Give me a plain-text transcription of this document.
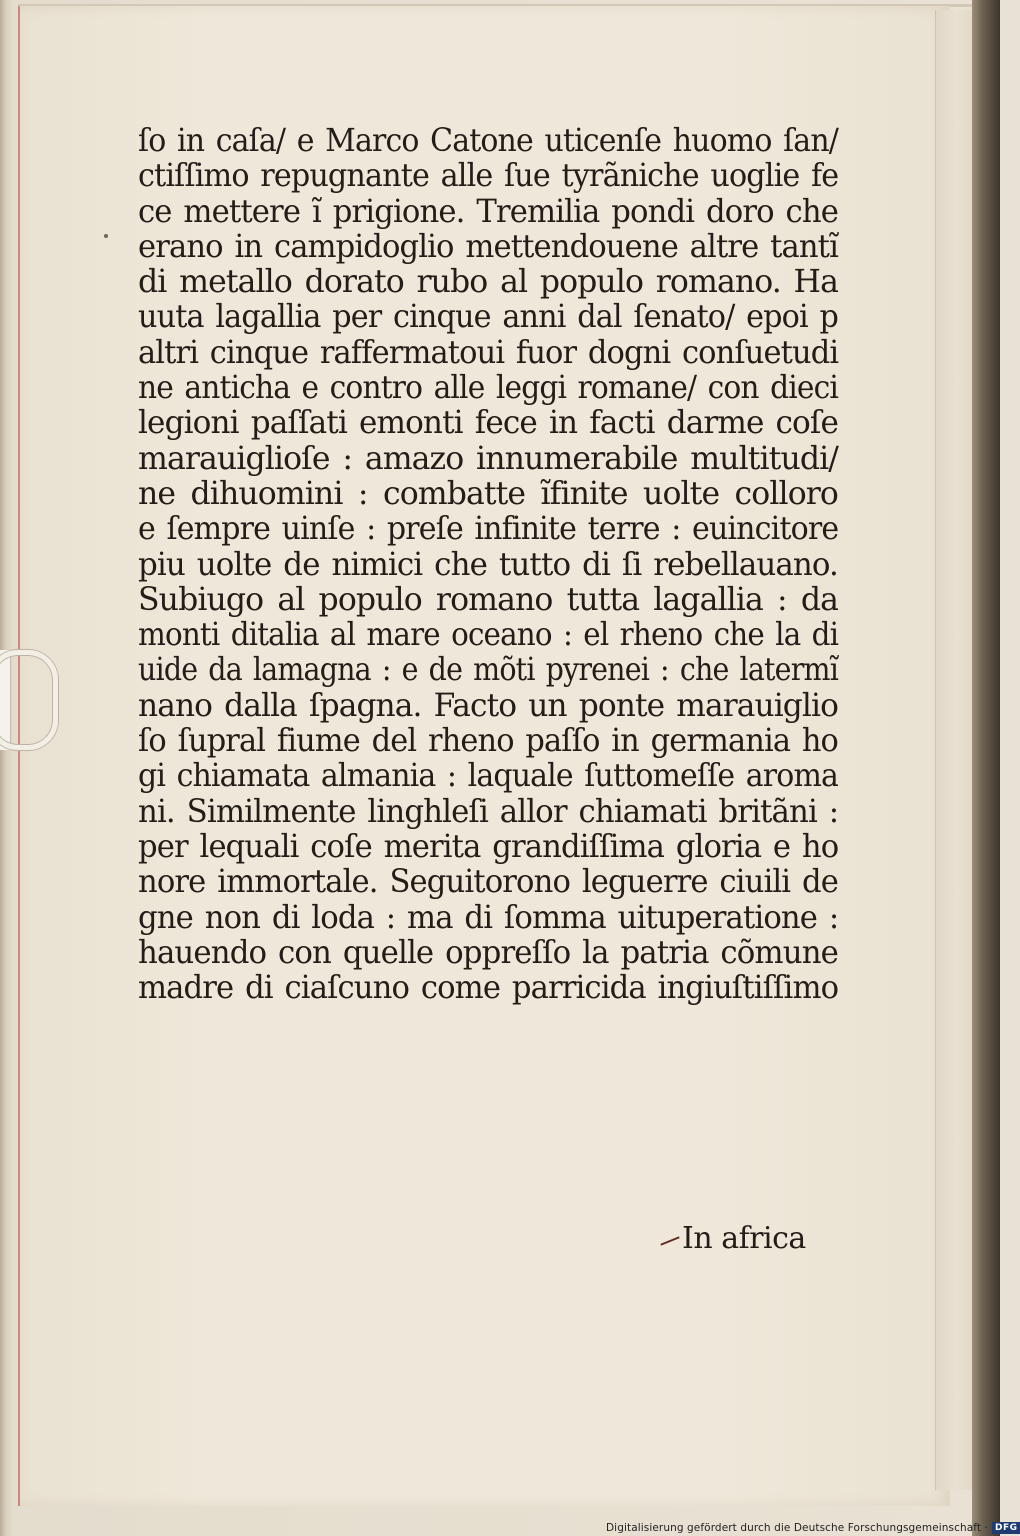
ſo in caſa/ e Marco Catone uticenſe huomo ſan/
ctiſſimo repugnante alle ſue tyrãniche uoglie fe
ce mettere ĩ prigione. Tremilia pondi doro che
erano in campidoglio mettendouene altre tantĩ
di metallo dorato rubo al populo romano. Ha
uuta lagallia per cinque anni dal ſenato/ epoi p
altri cinque raffermatoui fuor dogni conſuetudi
ne anticha e contro alle leggi romane/ con dieci
legioni paſſati emonti fece in facti darme coſe
marauiglioſe : amazo innumerabile multitudi/
ne dihuomini : combatte ĩfinite uolte colloro
e ſempre uinſe : preſe infinite terre : euincitore
piu uolte de nimici che tutto di ſi rebellauano.
Subiugo al populo romano tutta lagallia : da
monti ditalia al mare oceano : el rheno che la di
uide da lamagna : e de mõti pyrenei : che latermĩ
nano dalla ſpagna. Facto un ponte marauiglio
ſo ſupral fiume del rheno paſſo in germania ho
gi chiamata almania : laquale ſuttomeſſe aroma
ni. Similmente linghleſi allor chiamati britãni :
per lequali coſe merita grandiſſima gloria e ho
nore immortale. Seguitorono leguerre ciuili de
gne non di loda : ma di ſomma uituperatione :
hauendo con quelle oppreſſo la patria cõmune
madre di ciaſcuno come parricida ingiuſtiſſimo
In africa
Digitalisierung gefördert durch die Deutsche Forschungsgemeinschaft · DFG
